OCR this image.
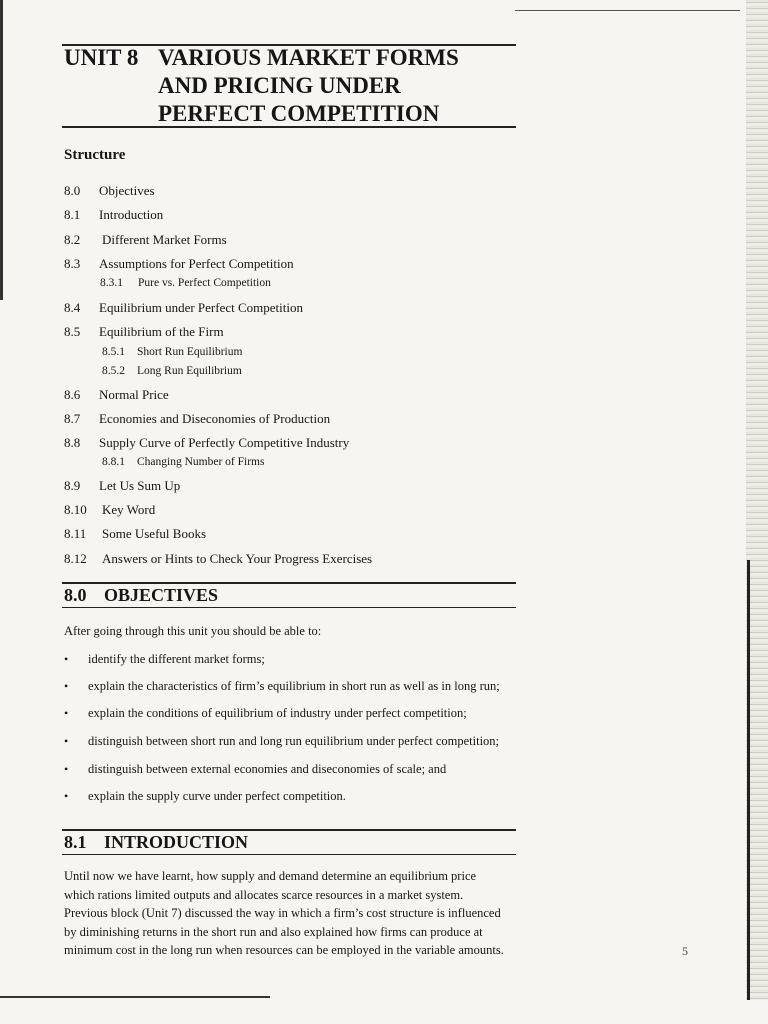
UNIT 8 VARIOUS MARKET FORMS
AND PRICING UNDER
PERFECT COMPETITION
Structure
8.0 Objectives
8.1 Introduction
8.2 Different Market Forms
8.3 Assumptions for Perfect Competition
8.3.1 Pure vs. Perfect Competition
8.4 Equilibrium under Perfect Competition
8.5 Equilibrium of the Firm
8.5.1 Short Run Equilibrium
8.5.2 Long Run Equilibrium
8.6 Normal Price
8.7 Economies and Diseconomies of Production
8.8 Supply Curve of Perfectly Competitive Industry
8.8.1 Changing Number of Firms
8.9 Let Us Sum Up
8.10 Key Word
8.11 Some Useful Books
8.12 Answers or Hints to Check Your Progress Exercises
8.0 OBJECTIVES
After going through this unit you should be able to:
• identify the different market forms;
• explain the characteristics of firm’s equilibrium in short run as well as in long run;
• explain the conditions of equilibrium of industry under perfect competition;
• distinguish between short run and long run equilibrium under perfect competition;
• distinguish between external economies and diseconomies of scale; and
• explain the supply curve under perfect competition.
8.1 INTRODUCTION
Until now we have learnt, how supply and demand determine an equilibrium price
which rations limited outputs and allocates scarce resources in a market system.
Previous block (Unit 7) discussed the way in which a firm’s cost structure is influenced
by diminishing returns in the short run and also explained how firms can produce at
minimum cost in the long run when resources can be employed in the variable amounts.	5
